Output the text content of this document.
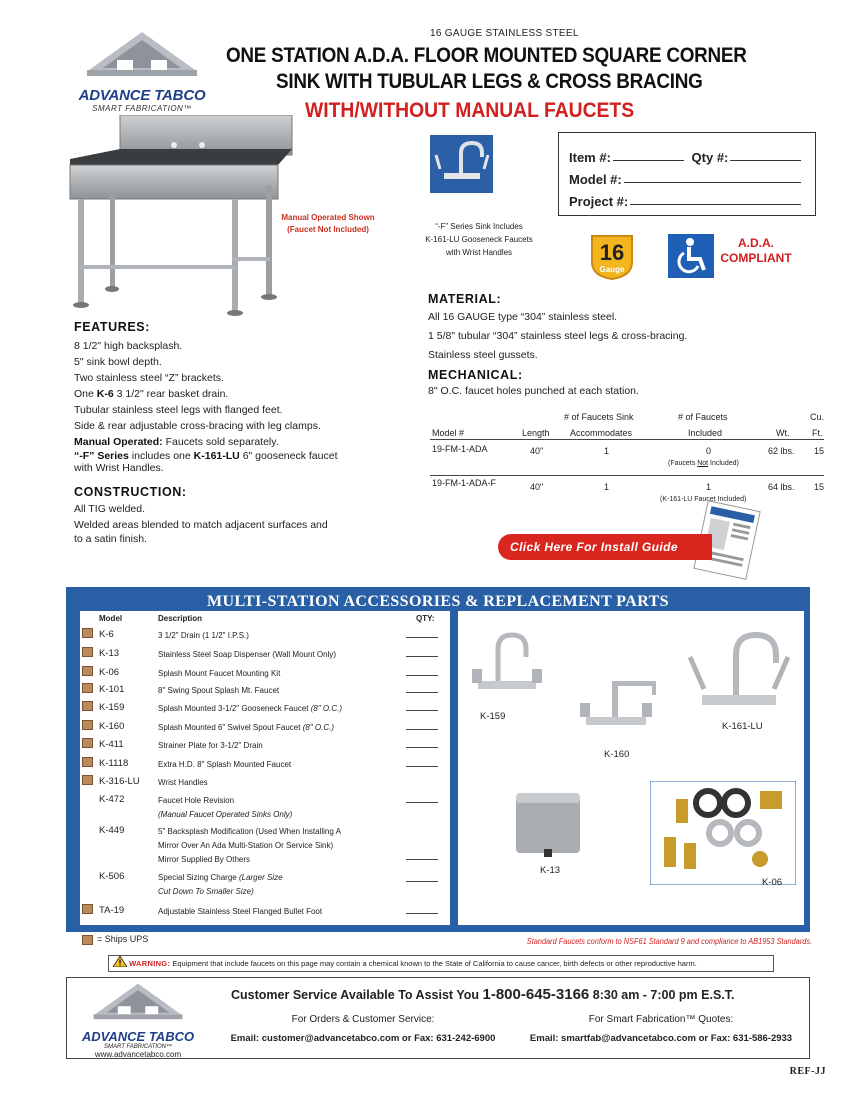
ADVANCE TABCO
SMART FABRICATION™
16 GAUGE STAINLESS STEEL
ONE STATION A.D.A. FLOOR MOUNTED SQUARE CORNER
SINK WITH TUBULAR LEGS & CROSS BRACING
WITH/WITHOUT MANUAL FAUCETS
Manual Operated Shown
(Faucet Not Included)	“-F” Series Sink Includes
K-161-LU Gooseneck Faucets
with Wrist Handles
Item #:	Qty #:
Model #:
Project #:
16
Gauge
A.D.A.
COMPLIANT
FEATURES:

8 1/2" high backsplash.

5" sink bowl depth.

Two stainless steel “Z” brackets.

One K-6 3 1/2" rear basket drain.

Tubular stainless steel legs with flanged feet.

Side & rear adjustable cross-bracing with leg clamps.

Manual Operated: Faucets sold separately.

“-F” Series includes one K-161-LU 6" gooseneck faucet

with Wrist Handles.

CONSTRUCTION:

All TIG welded.

Welded areas blended to match adjacent surfaces and

to a satin finish.

MATERIAL:

All 16 GAUGE type “304” stainless steel.

1 5/8" tubular “304” stainless steel legs & cross-bracing.

Stainless steel gussets.

MECHANICAL:

8" O.C. faucet holes punched at each station.

Model #	Length
# of Faucets Sink
Accommodates
# of Faucets
Included	Wt.
Cu.
Ft.
19-FM-1-ADA	40"	1	0	62 lbs. 15
(Faucets Not Included)
19-FM-1-ADA-F	40"	1	1	64 lbs. 15
(K-161-LU Faucet Included)
Click Here For Install Guide
MULTI-STATION ACCESSORIES & REPLACEMENT PARTS
Model	Description	QTY:
K-6	3 1/2" Drain (1 1/2" I.P.S.)
K-13	Stainless Steel Soap Dispenser (Wall Mount Only)
K-06	Splash Mount Faucet Mounting Kit
K-101	8" Swing Spout Splash Mt. Faucet
K-159	Splash Mounted 3-1/2" Gooseneck Faucet (8" O.C.)
K-160	Splash Mounted 6" Swivel Spout Faucet (8" O.C.)
K-411	Strainer Plate for 3-1/2" Drain
K-1118	Extra H.D. 8" Splash Mounted Faucet
K-316-LU Wrist Handles
K-472	Faucet Hole Revision
(Manual Faucet Operated Sinks Only)
K-449	5" Backsplash Modification (Used When Installing A
Mirror Over An Ada Multi-Station Or Service Sink)
Mirror Supplied By Others
K-506	Special Sizing Charge (Larger Size
Cut Down To Smaller Size)
TA-19	Adjustable Stainless Steel Flanged Bullet Foot
K-159
K-160
K-161-LU
K-13
K-06
= Ships UPS	Standard Faucets conform to NSF61 Standard 9 and compliance to AB1953 Standards.
WARNING: Equipment that include faucets on this page may contain a chemical known to the State of California to cause cancer, birth defects or other reproductive harm.
ADVANCE TABCO
SMART FABRICATION™
www.advancetabco.com
Customer Service Available To Assist You 1-800-645-3166 8:30 am - 7:00 pm E.S.T.
For Orders & Customer Service:
Email: customer@advancetabco.com or Fax: 631-242-6900
For Smart Fabrication™ Quotes:
Email: smartfab@advancetabco.com or Fax: 631-586-2933
REF-JJ
